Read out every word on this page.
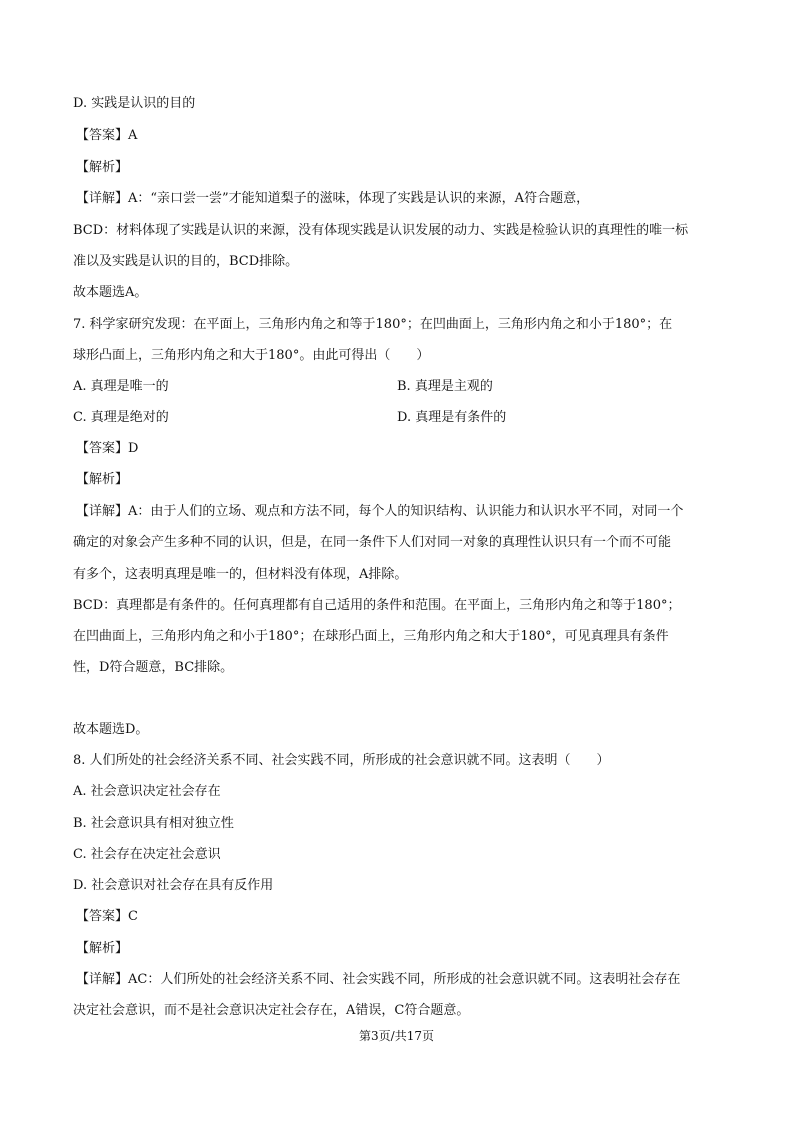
D. 实践是认识的目的
【答案】A
【解析】
【详解】A：“亲口尝一尝”才能知道梨子的滋味，体现了实践是认识的来源，A符合题意，
BCD：材料体现了实践是认识的来源，没有体现实践是认识发展的动力、实践是检验认识的真理性的唯一标
准以及实践是认识的目的，BCD排除。
故本题选A。
7. 科学家研究发现：在平面上，三角形内角之和等于180°；在凹曲面上，三角形内角之和小于180°；在
球形凸面上，三角形内角之和大于180°。由此可得出（　　）
A. 真理是唯一的	B. 真理是主观的
C. 真理是绝对的	D. 真理是有条件的
【答案】D
【解析】
【详解】A：由于人们的立场、观点和方法不同，每个人的知识结构、认识能力和认识水平不同，对同一个
确定的对象会产生多种不同的认识，但是，在同一条件下人们对同一对象的真理性认识只有一个而不可能
有多个，这表明真理是唯一的，但材料没有体现，A排除。
BCD：真理都是有条件的。任何真理都有自己适用的条件和范围。在平面上，三角形内角之和等于180°；
在凹曲面上，三角形内角之和小于180°；在球形凸面上，三角形内角之和大于180°，可见真理具有条件
性，D符合题意，BC排除。
故本题选D。
8. 人们所处的社会经济关系不同、社会实践不同，所形成的社会意识就不同。这表明（　　）
A. 社会意识决定社会存在
B. 社会意识具有相对独立性
C. 社会存在决定社会意识
D. 社会意识对社会存在具有反作用
【答案】C
【解析】
【详解】AC：人们所处的社会经济关系不同、社会实践不同，所形成的社会意识就不同。这表明社会存在
决定社会意识，而不是社会意识决定社会存在，A错误，C符合题意。
第3页/共17页
